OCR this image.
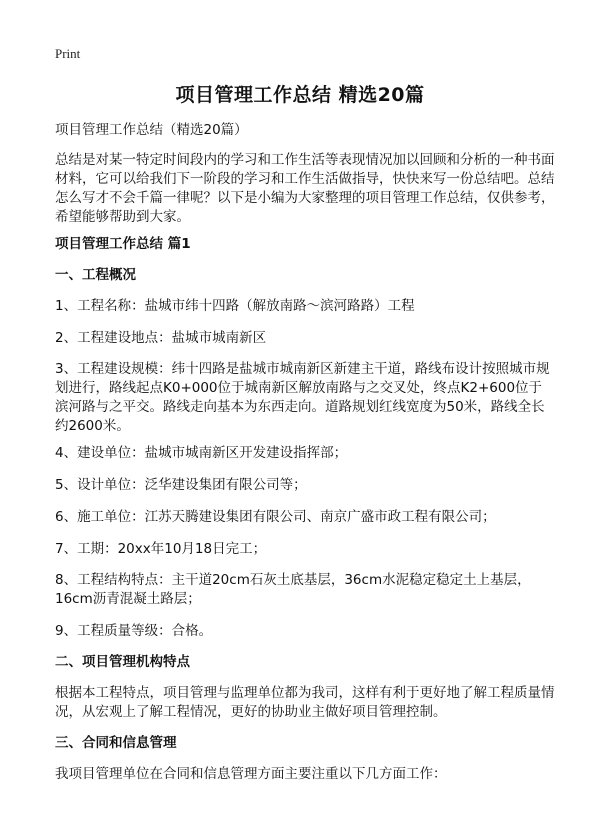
Print
项目管理工作总结 精选20篇
项目管理工作总结（精选20篇）
总结是对某一特定时间段内的学习和工作生活等表现情况加以回顾和分析的一种书面材料，它可以给我们下一阶段的学习和工作生活做指导，快快来写一份总结吧。总结怎么写才不会千篇一律呢？以下是小编为大家整理的项目管理工作总结，仅供参考，希望能够帮助到大家。
项目管理工作总结 篇1
一、工程概况
1、工程名称：盐城市纬十四路（解放南路～滨河路路）工程
2、工程建设地点：盐城市城南新区
3、工程建设规模：纬十四路是盐城市城南新区新建主干道，路线布设计按照城市规划进行，路线起点K0+000位于城南新区解放南路与之交叉处，终点K2+600位于滨河路与之平交。路线走向基本为东西走向。道路规划红线宽度为50米，路线全长约2600米。
4、建设单位：盐城市城南新区开发建设指挥部；
5、设计单位：泛华建设集团有限公司等；
6、施工单位：江苏天腾建设集团有限公司、南京广盛市政工程有限公司；
7、工期：20xx年10月18日完工；
8、工程结构特点：主干道20cm石灰土底基层，36cm水泥稳定稳定土上基层，16cm沥青混凝土路层；
9、工程质量等级：合格。
二、项目管理机构特点
根据本工程特点，项目管理与监理单位都为我司，这样有利于更好地了解工程质量情况，从宏观上了解工程情况，更好的协助业主做好项目管理控制。
三、合同和信息管理
我项目管理单位在合同和信息管理方面主要注重以下几方面工作：
